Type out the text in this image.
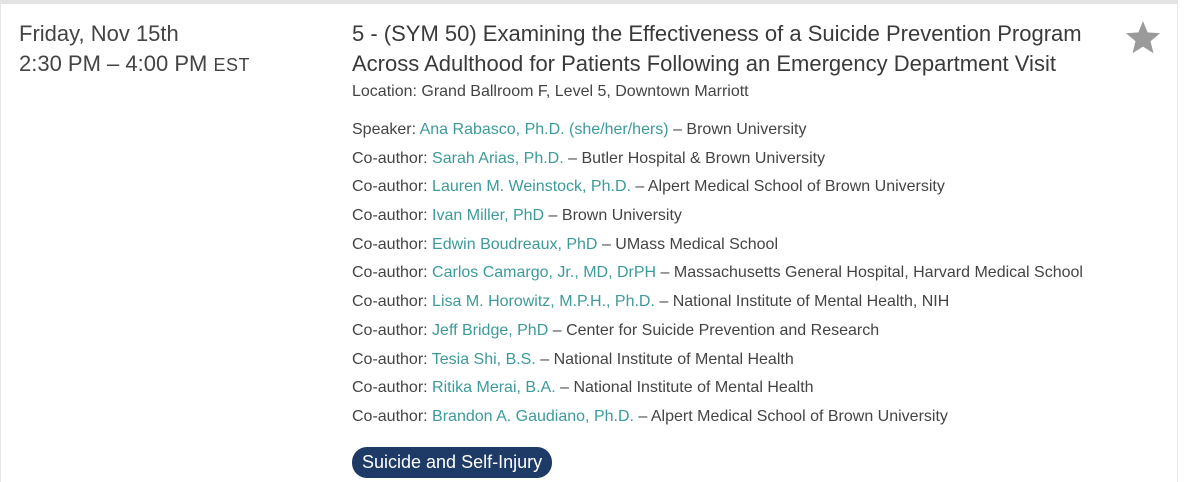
Friday, Nov 15th
2:30 PM – 4:00 PM EST
5 - (SYM 50) Examining the Effectiveness of a Suicide Prevention Program Across Adulthood for Patients Following an Emergency Department Visit
Location: Grand Ballroom F, Level 5, Downtown Marriott
Speaker: Ana Rabasco, Ph.D. (she/her/hers) – Brown University
Co-author: Sarah Arias, Ph.D. – Butler Hospital & Brown University
Co-author: Lauren M. Weinstock, Ph.D. – Alpert Medical School of Brown University
Co-author: Ivan Miller, PhD – Brown University
Co-author: Edwin Boudreaux, PhD – UMass Medical School
Co-author: Carlos Camargo, Jr., MD, DrPH – Massachusetts General Hospital, Harvard Medical School
Co-author: Lisa M. Horowitz, M.P.H., Ph.D. – National Institute of Mental Health, NIH
Co-author: Jeff Bridge, PhD – Center for Suicide Prevention and Research
Co-author: Tesia Shi, B.S. – National Institute of Mental Health
Co-author: Ritika Merai, B.A. – National Institute of Mental Health
Co-author: Brandon A. Gaudiano, Ph.D. – Alpert Medical School of Brown University
Suicide and Self-Injury
